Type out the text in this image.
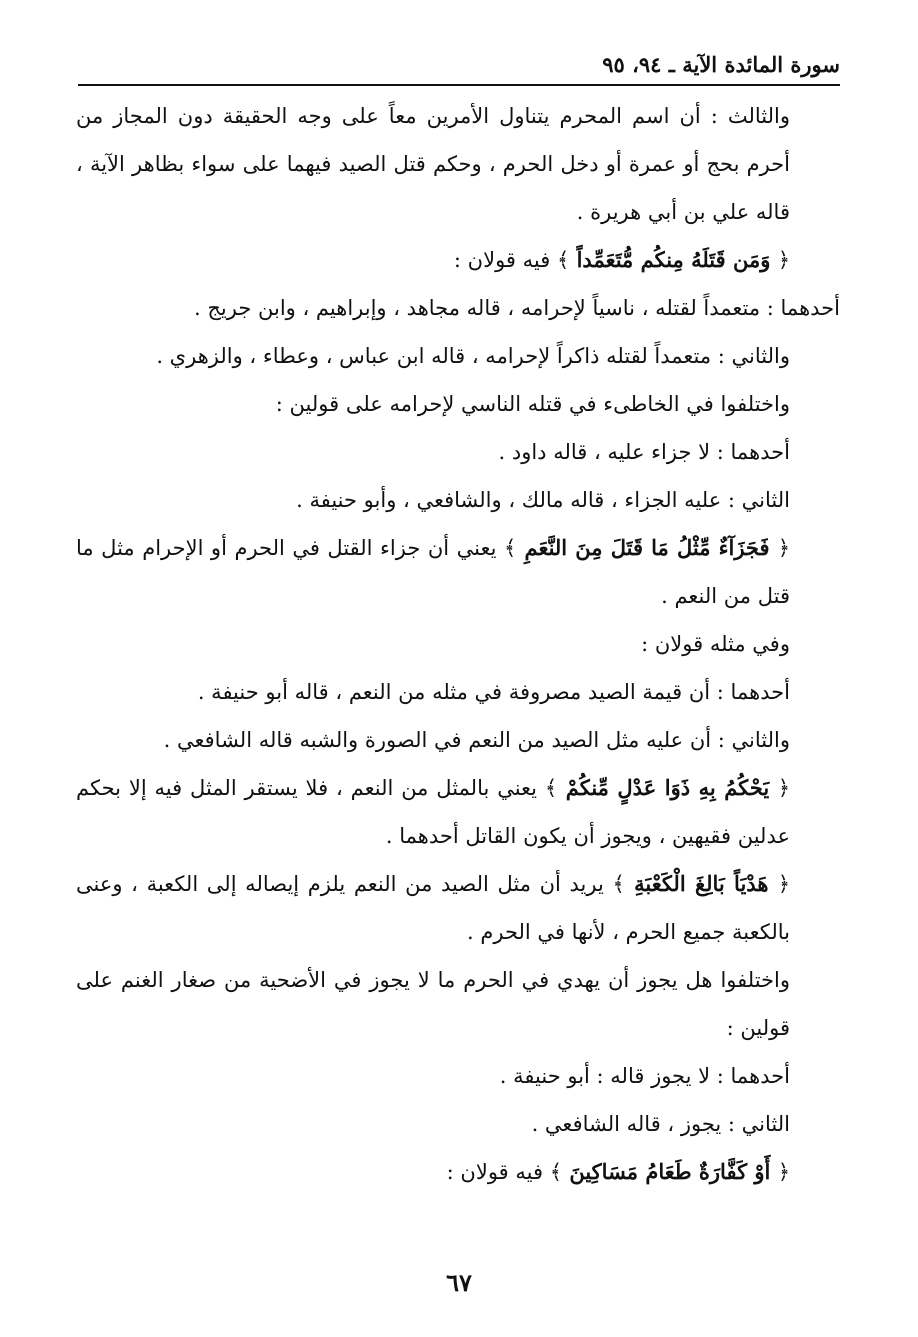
سورة المائدة الآية ـ ٩٤، ٩٥

والثالث : أن اسم المحرم يتناول الأمرين معاً على وجه الحقيقة دون المجاز من أحرم بحج أو عمرة أو دخل الحرم ، وحكم قتل الصيد فيهما على سواء بظاهر الآية ، قاله علي بن أبي هريرة .

﴿ وَمَن قَتَلَهُ مِنكُم مُّتَعَمِّداً ﴾ فيه قولان :

أحدهما : متعمداً لقتله ، ناسياً لإحرامه ، قاله مجاهد ، وإبراهيم ، وابن جريج .

والثاني : متعمداً لقتله ذاكراً لإحرامه ، قاله ابن عباس ، وعطاء ، والزهري .

واختلفوا في الخاطىء في قتله الناسي لإحرامه على قولين :

أحدهما : لا جزاء عليه ، قاله داود .

الثاني : عليه الجزاء ، قاله مالك ، والشافعي ، وأبو حنيفة .

﴿ فَجَزَآءٌ مِّثْلُ مَا قَتَلَ مِنَ النَّعَمِ ﴾ يعني أن جزاء القتل في الحرم أو الإحرام مثل ما قتل من النعم .

وفي مثله قولان :

أحدهما : أن قيمة الصيد مصروفة في مثله من النعم ، قاله أبو حنيفة .

والثاني : أن عليه مثل الصيد من النعم في الصورة والشبه قاله الشافعي .

﴿ يَحْكُمُ بِهِ ذَوَا عَدْلٍ مِّنكُمْ ﴾ يعني بالمثل من النعم ، فلا يستقر المثل فيه إلا بحكم عدلين فقيهين ، ويجوز أن يكون القاتل أحدهما .

﴿ هَدْيَاً بَالِغَ الْكَعْبَةِ ﴾ يريد أن مثل الصيد من النعم يلزم إيصاله إلى الكعبة ، وعنى بالكعبة جميع الحرم ، لأنها في الحرم .

واختلفوا هل يجوز أن يهدي في الحرم ما لا يجوز في الأضحية من صغار الغنم على قولين :

أحدهما : لا يجوز قاله : أبو حنيفة .

الثاني : يجوز ، قاله الشافعي .

﴿ أَوْ كَفَّارَةٌ طَعَامُ مَسَاكِينَ ﴾ فيه قولان :

٦٧
